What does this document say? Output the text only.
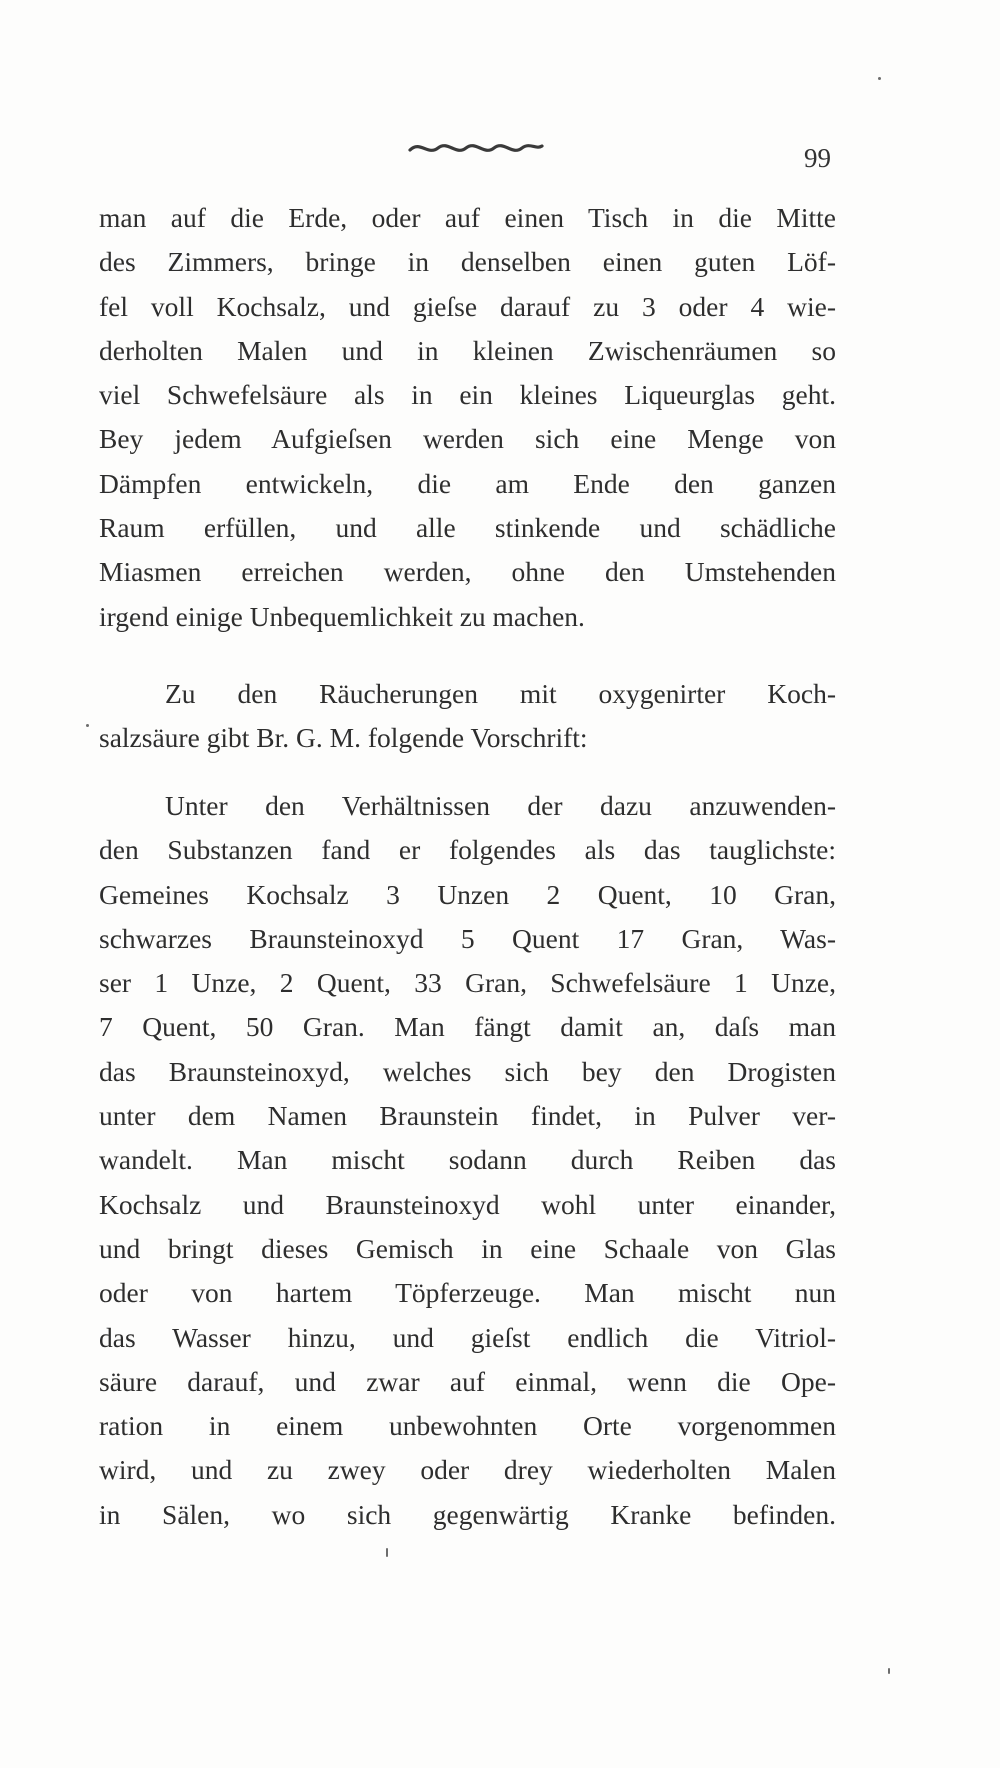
99
man auf die Erde, oder auf einen Tisch in die Mitte
des Zimmers, bringe in denselben einen guten Löf-
fel voll Kochsalz, und gieſse darauf zu 3 oder 4 wie-
derholten Malen und in kleinen Zwischenräumen so
viel Schwefelsäure als in ein kleines Liqueurglas geht.
Bey jedem Aufgieſsen werden sich eine Menge von
Dämpfen entwickeln, die am Ende den ganzen
Raum erfüllen, und alle stinkende und schädliche
Miasmen erreichen werden, ohne den Umstehenden
irgend einige Unbequemlichkeit zu machen.
Zu den Räucherungen mit oxygenirter Koch-
salzsäure gibt Br. G. M. folgende Vorschrift:
Unter den Verhältnissen der dazu anzuwenden-
den Substanzen fand er folgendes als das tauglichste:
Gemeines Kochsalz 3 Unzen 2 Quent, 10 Gran,
schwarzes Braunsteinoxyd 5 Quent 17 Gran, Was-
ser 1 Unze, 2 Quent, 33 Gran, Schwefelsäure 1 Unze,
7 Quent, 50 Gran. Man fängt damit an, daſs man
das Braunsteinoxyd, welches sich bey den Drogisten
unter dem Namen Braunstein findet, in Pulver ver-
wandelt. Man mischt sodann durch Reiben das
Kochsalz und Braunsteinoxyd wohl unter einander,
und bringt dieses Gemisch in eine Schaale von Glas
oder von hartem Töpferzeuge. Man mischt nun
das Wasser hinzu, und gieſst endlich die Vitriol-
säure darauf, und zwar auf einmal, wenn die Ope-
ration in einem unbewohnten Orte vorgenommen
wird, und zu zwey oder drey wiederholten Malen
in Sälen, wo sich gegenwärtig Kranke befinden.
